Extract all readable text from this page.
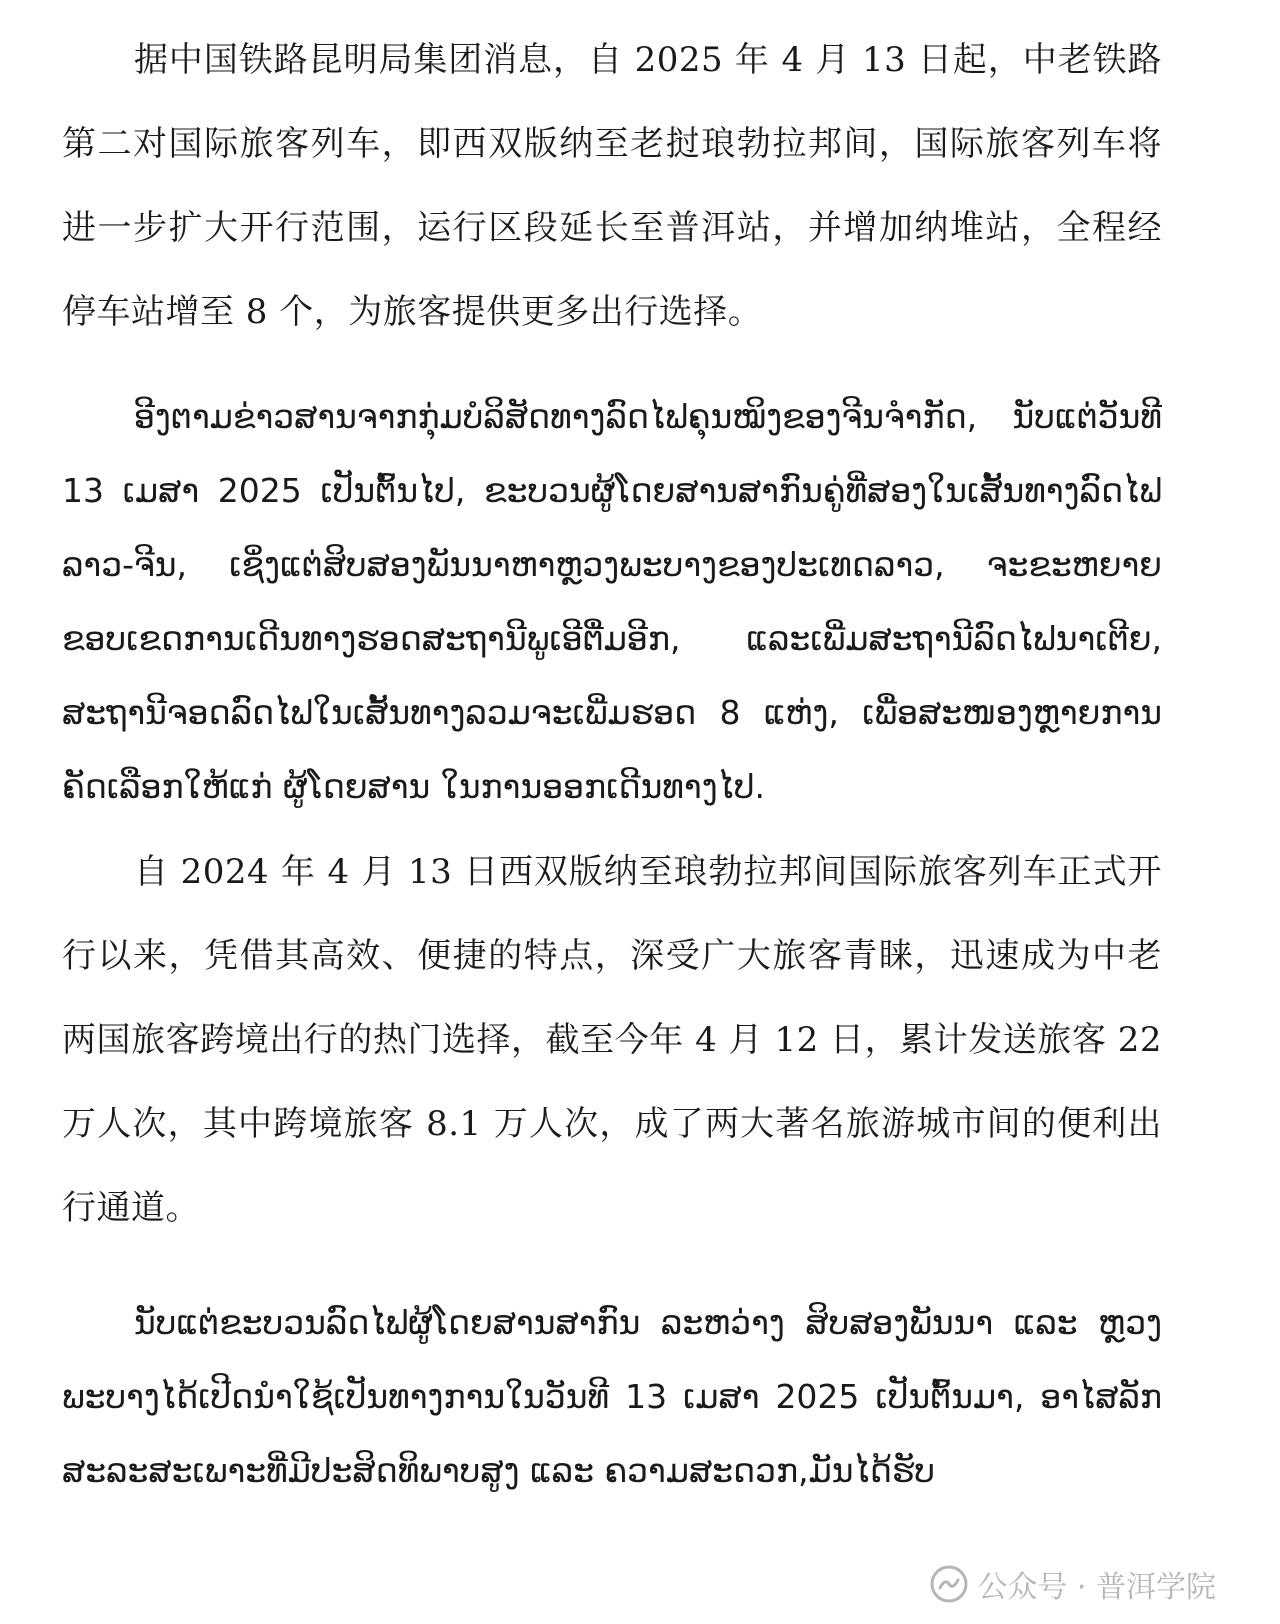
据中国铁路昆明局集团消息，自 2025 年 4 月 13 日起，中老铁路第二对国际旅客列车，即西双版纳至老挝琅勃拉邦间，国际旅客列车将进一步扩大开行范围，运行区段延长至普洱站，并增加纳堆站，全程经停车站增至 8 个，为旅客提供更多出行选择。

ອີງຕາມຂ່າວສານຈາກກຸ່ມບໍລິສັດທາງລົດໄຟຄຸນໝິງຂອງຈີນຈຳກັດ, ນັບແຕ່ວັນທີ 13 ເມສາ 2025 ເປັນຕົ້ນໄປ, ຂະບວນຜູ້ໂດຍສານສາກົນຄູ່ທີ່ສອງໃນເສັ້ນທາງລົດໄຟລາວ-ຈີນ, ເຊິ່ງແຕ່ສິບສອງພັນນາຫາຫຼວງພະບາງຂອງປະເທດລາວ, ຈະຂະຫຍາຍຂອບເຂດການເດີນທາງຮອດສະຖານີພູເອີຕື່ມອີກ, ແລະເພີ່ມສະຖານີລົດໄຟນາເຕີຍ, ສະຖານີຈອດລົດໄຟໃນເສັ້ນທາງລວມຈະເພີ່ມຮອດ 8 ແຫ່ງ, ເພື່ອສະໜອງຫຼາຍການຄັດເລືອກໃຫ້ແກ່ ຜູ້ໂດຍສານ ໃນການອອກເດີນທາງໄປ.

自 2024 年 4 月 13 日西双版纳至琅勃拉邦间国际旅客列车正式开行以来，凭借其高效、便捷的特点，深受广大旅客青睐，迅速成为中老两国旅客跨境出行的热门选择，截至今年 4 月 12 日，累计发送旅客 22 万人次，其中跨境旅客 8.1 万人次，成了两大著名旅游城市间的便利出行通道。

ນັບແຕ່ຂະບວນລົດໄຟຜູ້ໂດຍສານສາກົນ ລະຫວ່າງ ສິບສອງພັນນາ ແລະ ຫຼວງພະບາງໄດ້ເປີດນຳໃຊ້ເປັນທາງການໃນວັນທີ 13 ເມສາ 2025 ເປັນຕົ້ນມາ, ອາໄສລັກສະລະສະເພາະທີ່ມີປະສິດທິພາບສູງ ແລະ ຄວາມສະດວກ,ມັນໄດ້ຮັບ

公众号 · 普洱学院
